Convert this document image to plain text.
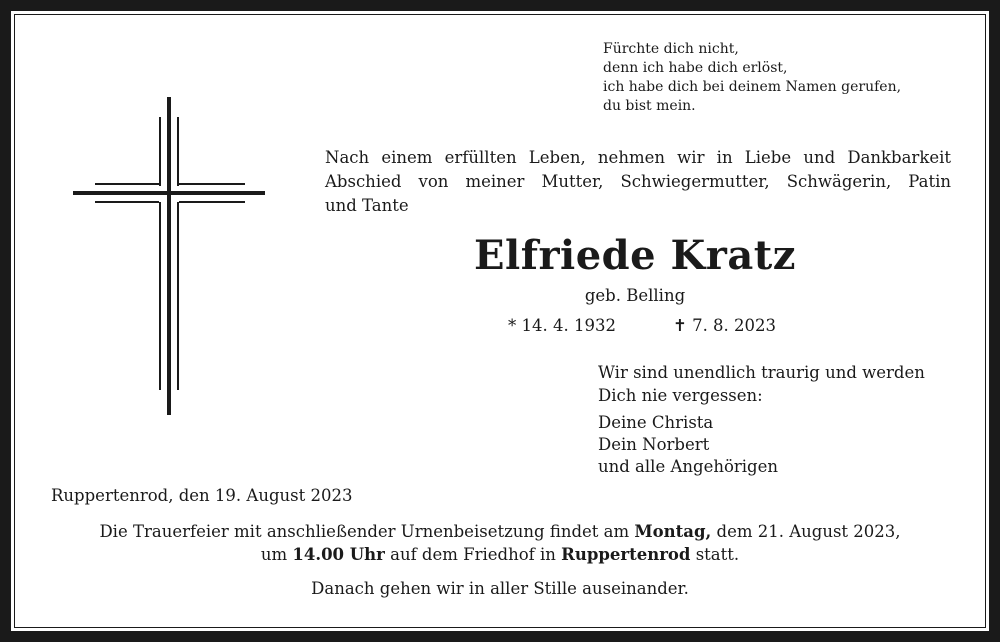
Fürchte dich nicht,
denn ich habe dich erlöst,
ich habe dich bei deinem Namen gerufen,
du bist mein.
Nach einem erfüllten Leben, nehmen wir in Liebe und Dankbarkeit
Abschied von meiner Mutter, Schwiegermutter, Schwägerin, Patin
und Tante
Elfriede Kratz
geb. Belling
* 14. 4. 1932	✝ 7. 8. 2023
Wir sind unendlich traurig und werden
Dich nie vergessen:
Deine Christa
Dein Norbert
und alle Angehörigen
Ruppertenrod, den 19. August 2023
Die Trauerfeier mit anschließender Urnenbeisetzung findet am Montag, dem 21. August 2023,
um 14.00 Uhr auf dem Friedhof in Ruppertenrod statt.
Danach gehen wir in aller Stille auseinander.
